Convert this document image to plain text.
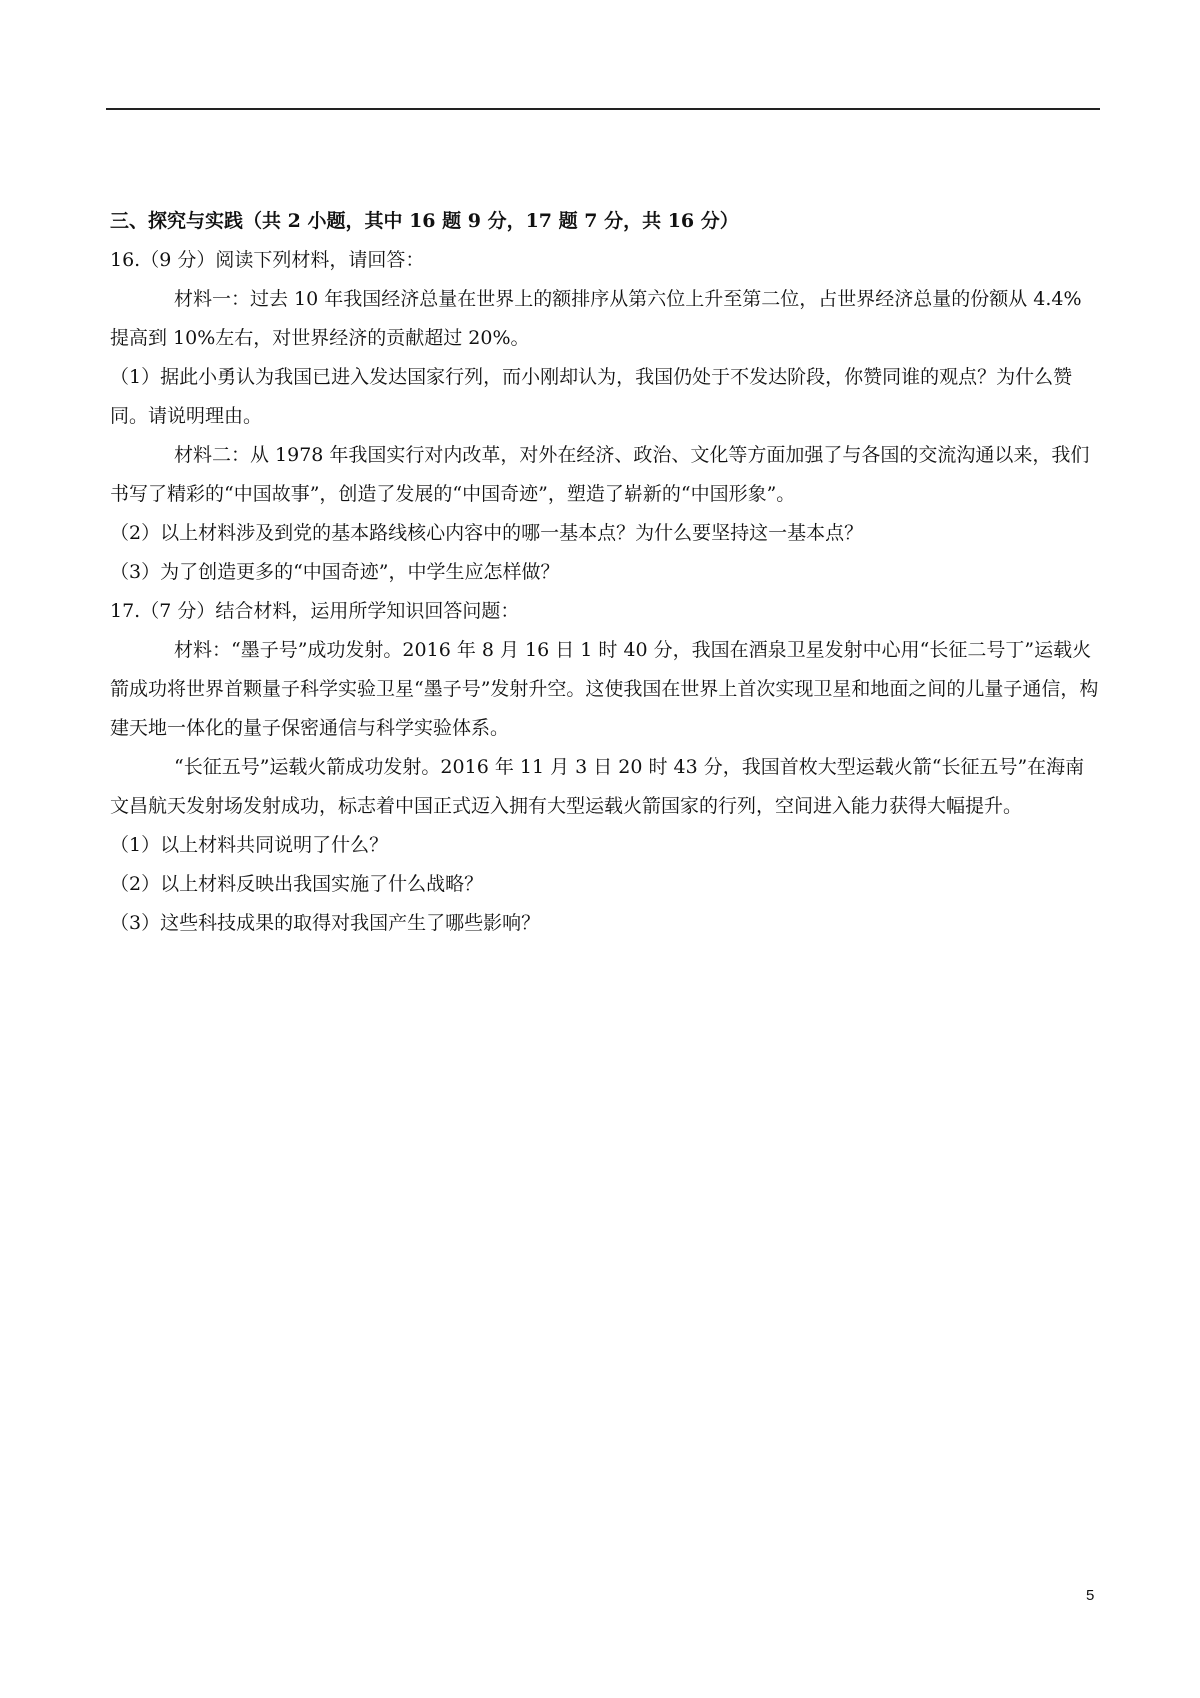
三、探究与实践（共 2 小题，其中 16 题 9 分，17 题 7 分，共 16 分）

16.（9 分）阅读下列材料，请回答：

材料一：过去 10 年我国经济总量在世界上的额排序从第六位上升至第二位，占世界经济总量的份额从 4.4%提高到 10%左右，对世界经济的贡献超过 20%。

（1）据此小勇认为我国已进入发达国家行列，而小刚却认为，我国仍处于不发达阶段，你赞同谁的观点？为什么赞同。请说明理由。

材料二：从 1978 年我国实行对内改革，对外在经济、政治、文化等方面加强了与各国的交流沟通以来，我们书写了精彩的“中国故事”，创造了发展的“中国奇迹”，塑造了崭新的“中国形象”。

（2）以上材料涉及到党的基本路线核心内容中的哪一基本点？为什么要坚持这一基本点？

（3）为了创造更多的“中国奇迹”，中学生应怎样做？

17.（7 分）结合材料，运用所学知识回答问题：

材料：“墨子号”成功发射。2016 年 8 月 16 日 1 时 40 分，我国在酒泉卫星发射中心用“长征二号丁”运载火箭成功将世界首颗量子科学实验卫星“墨子号”发射升空。这使我国在世界上首次实现卫星和地面之间的儿量子通信，构建天地一体化的量子保密通信与科学实验体系。

“长征五号”运载火箭成功发射。2016 年 11 月 3 日 20 时 43 分，我国首枚大型运载火箭“长征五号”在海南文昌航天发射场发射成功，标志着中国正式迈入拥有大型运载火箭国家的行列，空间进入能力获得大幅提升。

（1）以上材料共同说明了什么？

（2）以上材料反映出我国实施了什么战略？

（3）这些科技成果的取得对我国产生了哪些影响？

5
